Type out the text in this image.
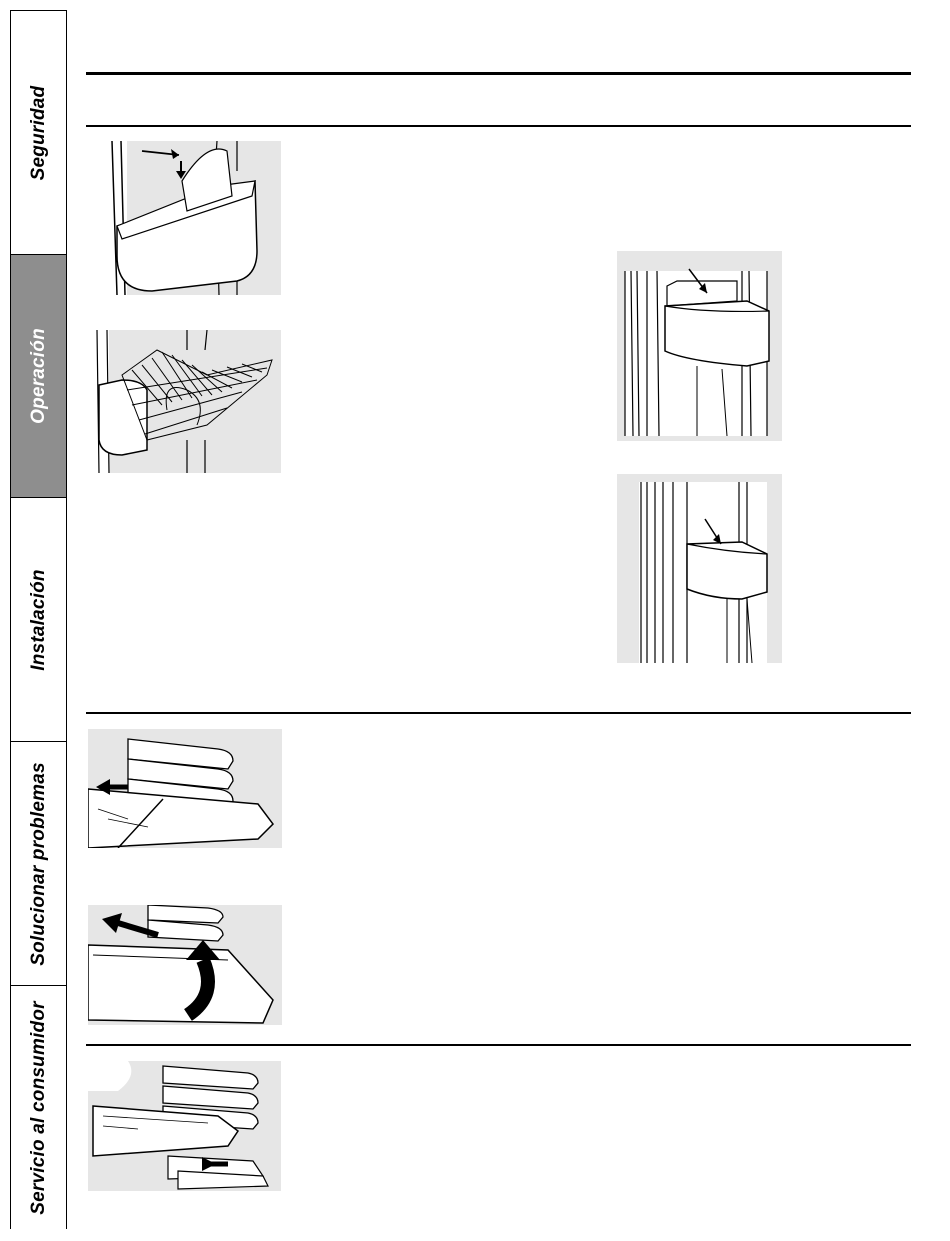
Seguridad
Operación
Instalación
Solucionar problemas
Servicio al consumidor
